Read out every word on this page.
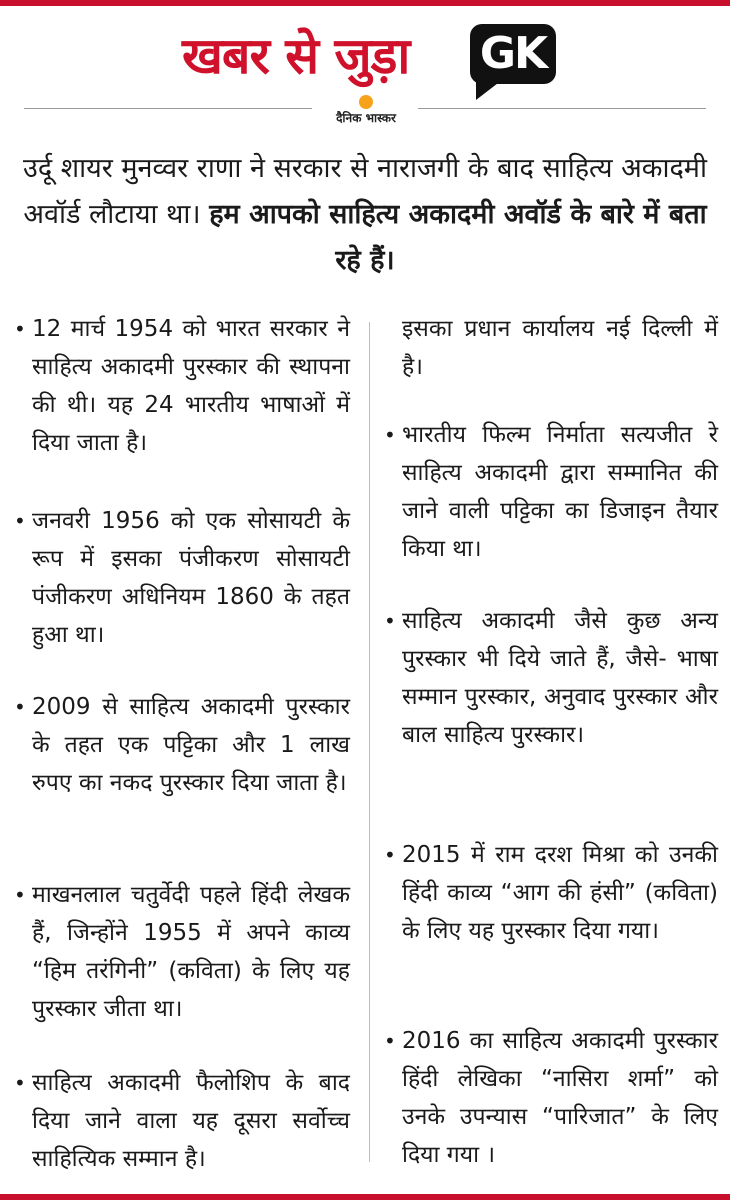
खबर से जुड़ा GK
दैनिक भास्कर
उर्दू शायर मुनव्वर राणा ने सरकार से नाराजगी के बाद साहित्य अकादमी अवॉर्ड लौटाया था। हम आपको साहित्य अकादमी अवॉर्ड के बारे में बता रहे हैं।
• 12 मार्च 1954 को भारत सरकार ने साहित्य अकादमी पुरस्कार की स्थापना की थी। यह 24 भारतीय भाषाओं में दिया जाता है।
• जनवरी 1956 को एक सोसायटी के रूप में इसका पंजीकरण सोसायटी पंजीकरण अधिनियम 1860 के तहत हुआ था।
• 2009 से साहित्य अकादमी पुरस्कार के तहत एक पट्टिका और 1 लाख रुपए का नकद पुरस्कार दिया जाता है।
• माखनलाल चतुर्वेदी पहले हिंदी लेखक हैं, जिन्होंने 1955 में अपने काव्य “हिम तरंगिनी” (कविता) के लिए यह पुरस्कार जीता था।
• साहित्य अकादमी फैलोशिप के बाद दिया जाने वाला यह दूसरा सर्वोच्च साहित्यिक सम्मान है।
इसका प्रधान कार्यालय नई दिल्ली में है।
• भारतीय फिल्म निर्माता सत्यजीत रे साहित्य अकादमी द्वारा सम्मानित की जाने वाली पट्टिका का डिजाइन तैयार किया था।
• साहित्य अकादमी जैसे कुछ अन्य पुरस्कार भी दिये जाते हैं, जैसे- भाषा सम्मान पुरस्कार, अनुवाद पुरस्कार और बाल साहित्य पुरस्कार।
• 2015 में राम दरश मिश्रा को उनकी हिंदी काव्य “आग की हंसी” (कविता) के लिए यह पुरस्कार दिया गया।
• 2016 का साहित्य अकादमी पुरस्कार हिंदी लेखिका “नासिरा शर्मा” को उनके उपन्यास “पारिजात” के लिए दिया गया ।
